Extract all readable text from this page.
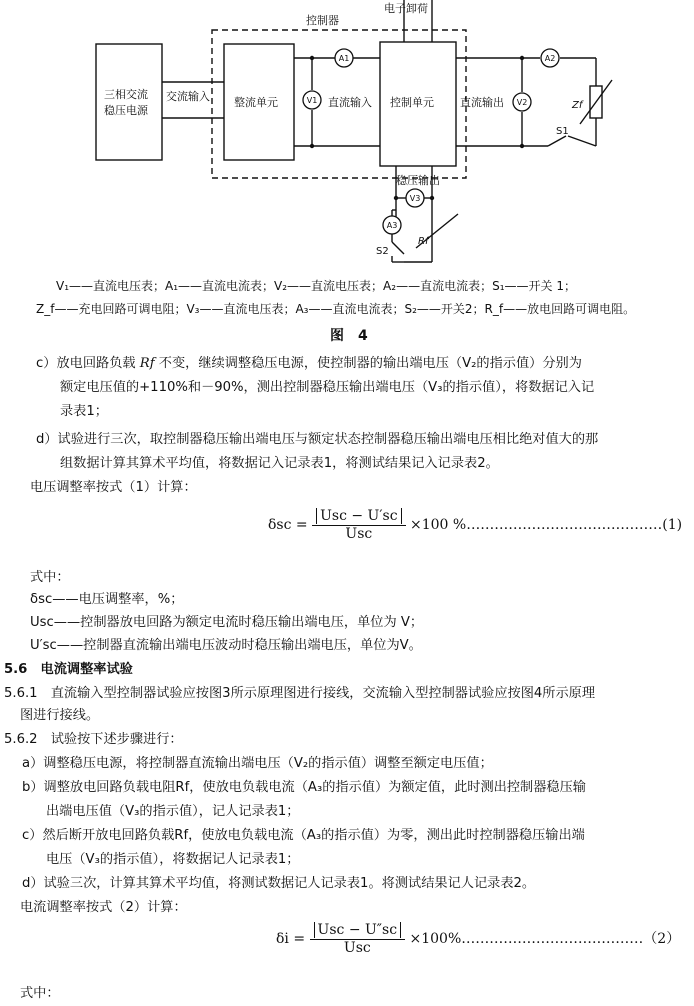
A1
V1
A2
V2
V3
A3
三相交流
稳压电源
交流输入 整流单元
控制器
直流输入 控制单元 直流输出
电子卸荷
稳压输出
S1
S2
Zf
Rf
V₁——直流电压表；A₁——直流电流表；V₂——直流电压表；A₂——直流电流表；S₁——开关 1；
Z_f——充电回路可调电阻；V₃——直流电压表；A₃——直流电流表；S₂——开关2；R_f——放电回路可调电阻。
图　4
c）放电回路负载 Rf 不变，继续调整稳压电源，使控制器的输出端电压（V₂的指示值）分别为
额定电压值的+110%和－90%，测出控制器稳压输出端电压（V₃的指示值），将数据记入记
录表1；
d）试验进行三次，取控制器稳压输出端电压与额定状态控制器稳压输出端电压相比绝对值大的那
组数据计算其算术平均值，将数据记入记录表1，将测试结果记入记录表2。
电压调整率按式（1）计算：
$\delta sc = \frac{\text{Usc − U′sc}}{\text{Usc}} \times 100$ %……………………………………(1)
式中：
δsc——电压调整率，%；
Usc——控制器放电回路为额定电流时稳压输出端电压，单位为 V；
U′sc——控制器直流输出端电压波动时稳压输出端电压，单位为V。
5.6　电流调整率试验
5.6.1　直流输入型控制器试验应按图3所示原理图进行接线，交流输入型控制器试验应按图4所示原理
图进行接线。
5.6.2　试验按下述步骤进行：
a）调整稳压电源，将控制器直流输出端电压（V₂的指示值）调整至额定电压值；
b）调整放电回路负载电阻Rf，使放电负载电流（A₃的指示值）为额定值，此时测出控制器稳压输
出端电压值（V₃的指示值），记人记录表1；
c）然后断开放电回路负载Rf，使放电负载电流（A₃的指示值）为零，测出此时控制器稳压输出端
电压（V₃的指示值），将数据记人记录表1；
d）试验三次，计算其算术平均值，将测试数据记人记录表1。将测试结果记人记录表2。
电流调整率按式（2）计算：
$\delta i = \frac{\text{Usc − U″sc}}{\text{Usc}}$ ×100%…………………………………（2）
式中：
